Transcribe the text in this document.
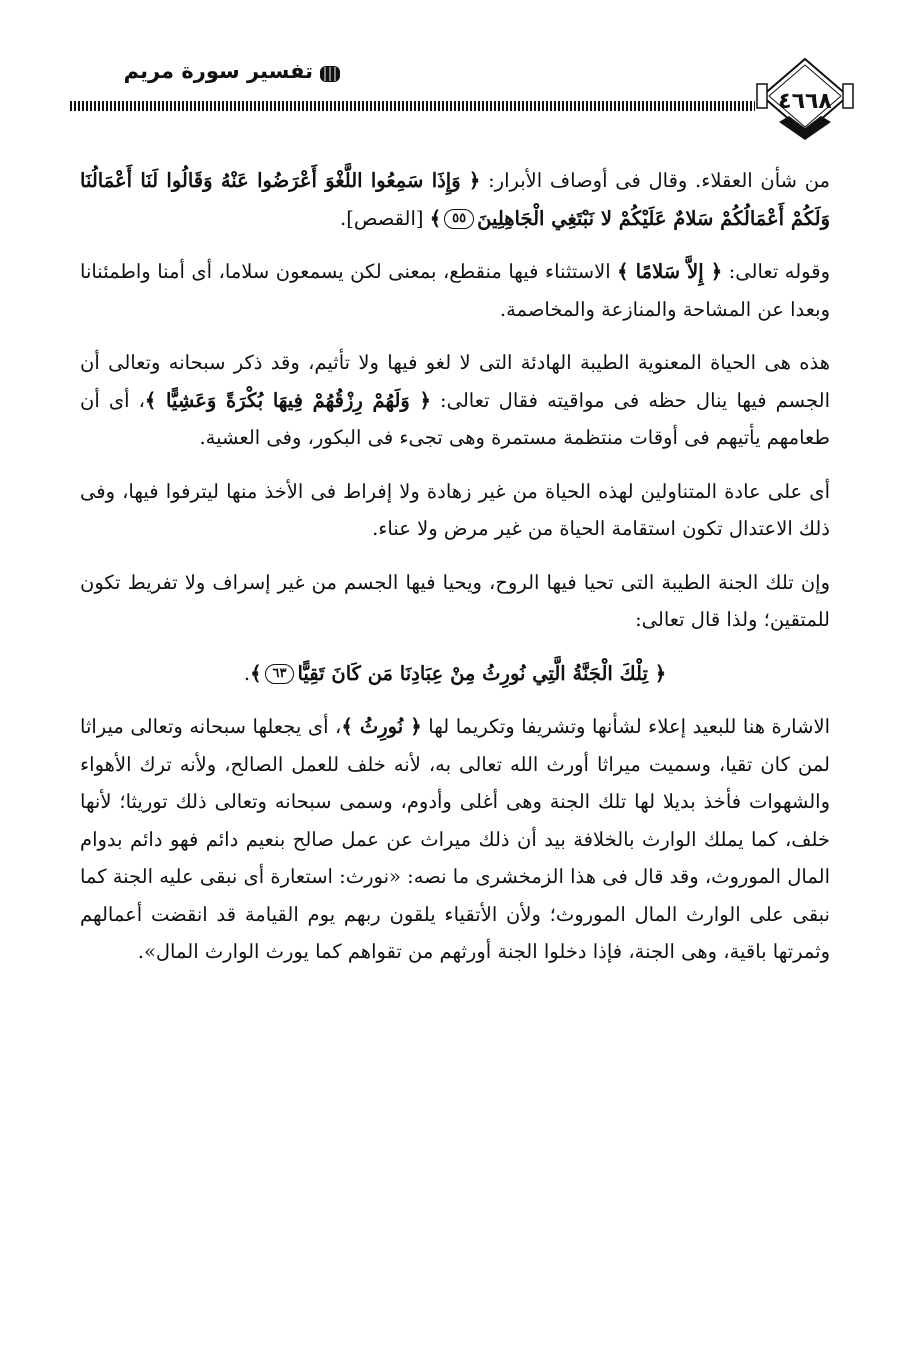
تفسير سورة مريم
٤٦٦٨

من شأن العقلاء. وقال فى أوصاف الأبرار: ﴿ وَإِذَا سَمِعُوا اللَّغْوَ أَعْرَضُوا عَنْهُ وَقَالُوا لَنَا أَعْمَالُنَا وَلَكُمْ أَعْمَالُكُمْ سَلامٌ عَلَيْكُمْ لا نَبْتَغِي الْجَاهِلِينَ٥٥﴾ [القصص].

وقوله تعالى: ﴿ إِلاَّ سَلامًا ﴾ الاستثناء فيها منقطع، بمعنى لكن يسمعون سلاما، أى أمنا واطمئنانا وبعدا عن المشاحة والمنازعة والمخاصمة.

هذه هى الحياة المعنوية الطيبة الهادئة التى لا لغو فيها ولا تأثيم، وقد ذكر سبحانه وتعالى أن الجسم فيها ينال حظه فى مواقيته فقال تعالى: ﴿ وَلَهُمْ رِزْقُهُمْ فِيهَا بُكْرَةً وَعَشِيًّا ﴾، أى أن طعامهم يأتيهم فى أوقات منتظمة مستمرة وهى تجىء فى البكور، وفى العشية.

أى على عادة المتناولين لهذه الحياة من غير زهادة ولا إفراط فى الأخذ منها ليترفوا فيها، وفى ذلك الاعتدال تكون استقامة الحياة من غير مرض ولا عناء.

وإن تلك الجنة الطيبة التى تحيا فيها الروح، ويحيا فيها الجسم من غير إسراف ولا تفريط تكون للمتقين؛ ولذا قال تعالى:

﴿ تِلْكَ الْجَنَّةُ الَّتِي نُورِثُ مِنْ عِبَادِنَا مَن كَانَ تَقِيًّا٦٣﴾.

الاشارة هنا للبعيد إعلاء لشأنها وتشريفا وتكريما لها ﴿ نُورِثُ ﴾، أى يجعلها سبحانه وتعالى ميراثا لمن كان تقيا، وسميت ميراثا أورث الله تعالى به، لأنه خلف للعمل الصالح، ولأنه ترك الأهواء والشهوات فأخذ بديلا لها تلك الجنة وهى أغلى وأدوم، وسمى سبحانه وتعالى ذلك توريثا؛ لأنها خلف، كما يملك الوارث بالخلافة بيد أن ذلك ميراث عن عمل صالح بنعيم دائم فهو دائم بدوام المال الموروث، وقد قال فى هذا الزمخشرى ما نصه: «نورث: استعارة أى نبقى عليه الجنة كما نبقى على الوارث المال الموروث؛ ولأن الأتقياء يلقون ربهم يوم القيامة قد انقضت أعمالهم وثمرتها باقية، وهى الجنة، فإذا دخلوا الجنة أورثهم من تقواهم كما يورث الوارث المال».
